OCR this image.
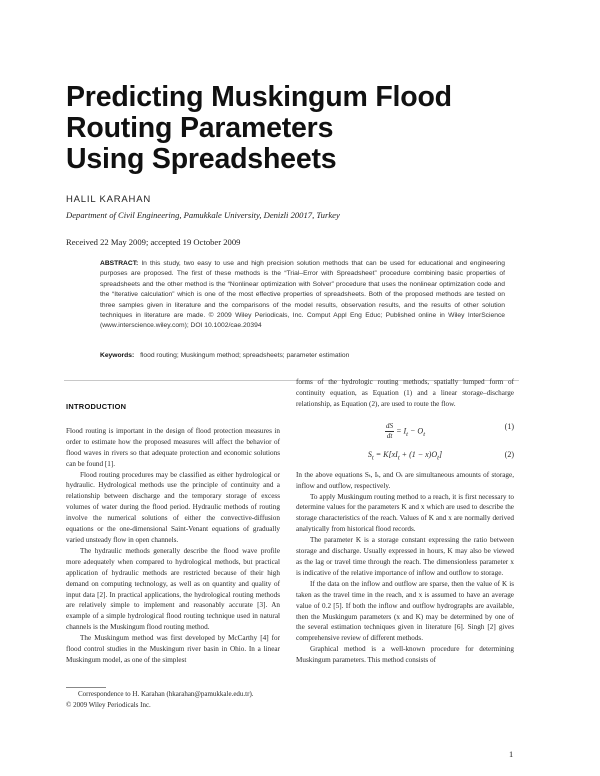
Predicting Muskingum Flood
Routing Parameters
Using Spreadsheets
HALIL KARAHAN
Department of Civil Engineering, Pamukkale University, Denizli 20017, Turkey
Received 22 May 2009; accepted 19 October 2009

ABSTRACT: In this study, two easy to use and high precision solution methods that can be used for educational and engineering purposes are proposed. The first of these methods is the “Trial–Error with Spreadsheet” procedure combining basic properties of spreadsheets and the other method is the “Nonlinear optimization with Solver” procedure that uses the nonlinear optimization code and the “Iterative calculation” which is one of the most effective properties of spreadsheets. Both of the proposed methods are tested on three samples given in literature and the comparisons of the model results, observation results, and the results of other solution techniques in literature are made. © 2009 Wiley Periodicals, Inc. Comput Appl Eng Educ; Published online in Wiley InterScience (www.interscience.wiley.com); DOI 10.1002/cae.20394

Keywords: flood routing; Muskingum method; spreadsheets; parameter estimation
INTRODUCTION

Flood routing is important in the design of flood protection measures in order to estimate how the proposed measures will affect the behavior of flood waves in rivers so that adequate protection and economic solutions can be found [1].

Flood routing procedures may be classified as either hydrological or hydraulic. Hydrological methods use the principle of continuity and a relationship between discharge and the temporary storage of excess volumes of water during the flood period. Hydraulic methods of routing involve the numerical solutions of either the convective-diffusion equations or the one-dimensional Saint-Venant equations of gradually varied unsteady flow in open channels.

The hydraulic methods generally describe the flood wave profile more adequately when compared to hydrological methods, but practical application of hydraulic methods are restricted because of their high demand on computing technology, as well as on quantity and quality of input data [2]. In practical applications, the hydrological routing methods are relatively simple to implement and reasonably accurate [3]. An example of a simple hydrological flood routing technique used in natural channels is the Muskingum flood routing method.

The Muskingum method was first developed by McCarthy [4] for flood control studies in the Muskingum river basin in Ohio. In a linear Muskingum model, as one of the simplest

forms of the hydrologic routing methods, spatially lumped form of continuity equation, as Equation (1) and a linear storage–discharge relationship, as Equation (2), are used to route the flow.

$\frac{dS}{dt} = I_t - O_t$
(1)
$S_t = K[xI_t + (1 - x)O_t]$	(2)

In the above equations Sₜ, Iₜ, and Oₜ are simultaneous amounts of storage, inflow and outflow, respectively.

To apply Muskingum routing method to a reach, it is first necessary to determine values for the parameters K and x which are used to describe the storage characteristics of the reach. Values of K and x are normally derived analytically from historical flood records.

The parameter K is a storage constant expressing the ratio between storage and discharge. Usually expressed in hours, K may also be viewed as the lag or travel time through the reach. The dimensionless parameter x is indicative of the relative importance of inflow and outflow to storage.

If the data on the inflow and outflow are sparse, then the value of K is taken as the travel time in the reach, and x is assumed to have an average value of 0.2 [5]. If both the inflow and outflow hydrographs are available, then the Muskingum parameters (x and K) may be determined by one of the several estimation techniques given in literature [6]. Singh [2] gives comprehensive review of different methods.

Graphical method is a well-known procedure for determining Muskingum parameters. This method consists of

Correspondence to H. Karahan (hkarahan@pamukkale.edu.tr).
© 2009 Wiley Periodicals Inc.
1
